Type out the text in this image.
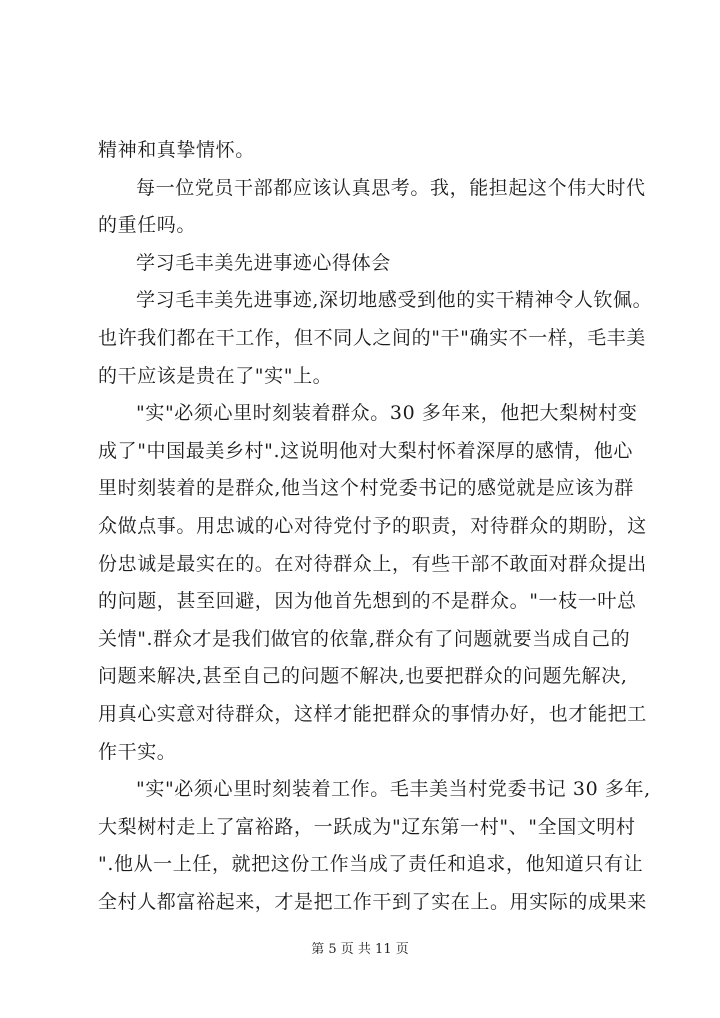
精神和真挚情怀。
每一位党员干部都应该认真思考。我，能担起这个伟大时代
的重任吗。
学习毛丰美先进事迹心得体会
学习毛丰美先进事迹,深切地感受到他的实干精神令人钦佩。
也许我们都在干工作，但不同人之间的"干"确实不一样，毛丰美
的干应该是贵在了"实"上。
"实"必须心里时刻装着群众。30 多年来，他把大梨树村变
成了"中国最美乡村".这说明他对大梨村怀着深厚的感情，他心
里时刻装着的是群众,他当这个村党委书记的感觉就是应该为群
众做点事。用忠诚的心对待党付予的职责，对待群众的期盼，这
份忠诚是最实在的。在对待群众上，有些干部不敢面对群众提出
的问题，甚至回避，因为他首先想到的不是群众。"一枝一叶总
关情".群众才是我们做官的依靠,群众有了问题就要当成自己的
问题来解决,甚至自己的问题不解决,也要把群众的问题先解决,
用真心实意对待群众，这样才能把群众的事情办好，也才能把工
作干实。
"实"必须心里时刻装着工作。毛丰美当村党委书记 30 多年,
大梨树村走上了富裕路，一跃成为"辽东第一村"、"全国文明村
".他从一上任，就把这份工作当成了责任和追求，他知道只有让
全村人都富裕起来，才是把工作干到了实在上。用实际的成果来
第 5 页 共 11 页
